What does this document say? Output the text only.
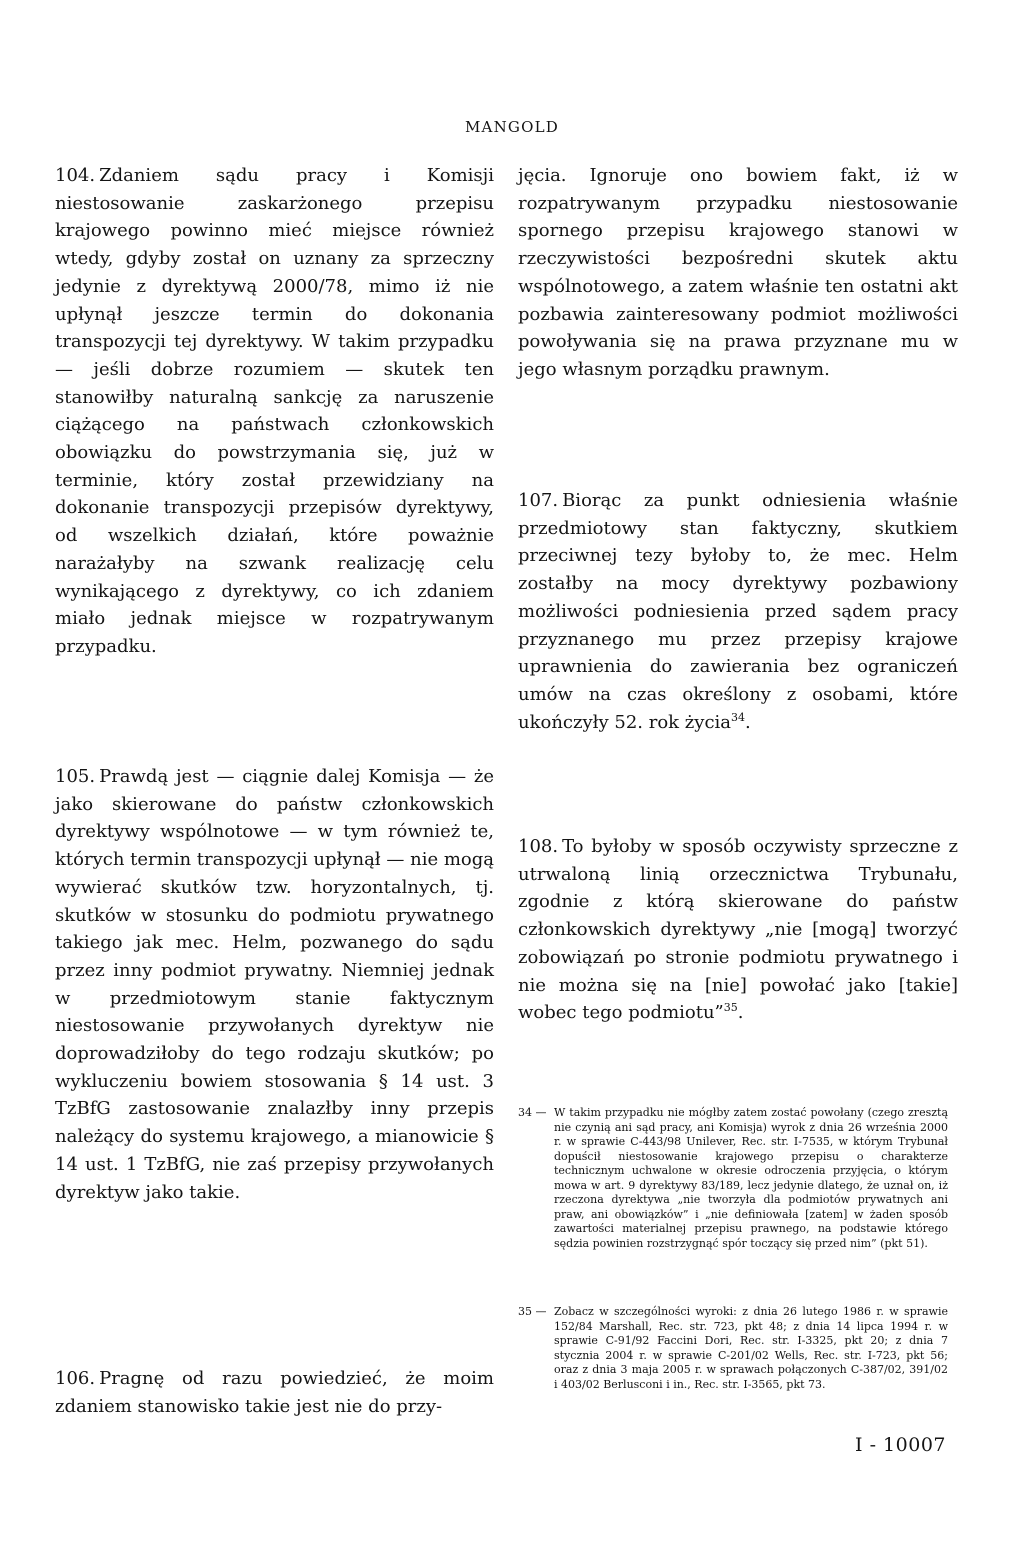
MANGOLD

104. Zdaniem sądu pracy i Komisji niestosowanie zaskarżonego przepisu krajowego powinno mieć miejsce również wtedy, gdyby został on uznany za sprzeczny jedynie z dyrektywą 2000/78, mimo iż nie upłynął jeszcze termin do dokonania transpozycji tej dyrektywy. W takim przypadku — jeśli dobrze rozumiem — skutek ten stanowiłby naturalną sankcję za naruszenie ciążącego na państwach członkowskich obowiązku do powstrzymania się, już w terminie, który został przewidziany na dokonanie transpozycji przepisów dyrektywy, od wszelkich działań, które poważnie narażałyby na szwank realizację celu wynikającego z dyrektywy, co ich zdaniem miało jednak miejsce w rozpatrywanym przypadku.

105. Prawdą jest — ciągnie dalej Komisja — że jako skierowane do państw członkowskich dyrektywy wspólnotowe — w tym również te, których termin transpozycji upłynął — nie mogą wywierać skutków tzw. horyzontalnych, tj. skutków w stosunku do podmiotu prywatnego takiego jak mec. Helm, pozwanego do sądu przez inny podmiot prywatny. Niemniej jednak w przedmiotowym stanie faktycznym niestosowanie przywołanych dyrektyw nie doprowadziłoby do tego rodzaju skutków; po wykluczeniu bowiem stosowania § 14 ust. 3 TzBfG zastosowanie znalazłby inny przepis należący do systemu krajowego, a mianowicie § 14 ust. 1 TzBfG, nie zaś przepisy przywołanych dyrektyw jako takie.

106. Pragnę od razu powiedzieć, że moim zdaniem stanowisko takie jest nie do przy-

jęcia. Ignoruje ono bowiem fakt, iż w rozpatrywanym przypadku niestosowanie spornego przepisu krajowego stanowi w rzeczywistości bezpośredni skutek aktu wspólnotowego, a zatem właśnie ten ostatni akt pozbawia zainteresowany podmiot możliwości powoływania się na prawa przyznane mu w jego własnym porządku prawnym.

107. Biorąc za punkt odniesienia właśnie przedmiotowy stan faktyczny, skutkiem przeciwnej tezy byłoby to, że mec. Helm zostałby na mocy dyrektywy pozbawiony możliwości podniesienia przed sądem pracy przyznanego mu przez przepisy krajowe uprawnienia do zawierania bez ograniczeń umów na czas określony z osobami, które ukończyły 52. rok życia$^{34}$.

108. To byłoby w sposób oczywisty sprzeczne z utrwaloną linią orzecznictwa Trybunału, zgodnie z którą skierowane do państw członkowskich dyrektywy „nie [mogą] tworzyć zobowiązań po stronie podmiotu prywatnego i nie można się na [nie] powołać jako [takie] wobec tego podmiotu”$^{35}$.

34 — W takim przypadku nie mógłby zatem zostać powołany (czego zresztą nie czynią ani sąd pracy, ani Komisja) wyrok z dnia 26 września 2000 r. w sprawie C-443/98 Unilever, Rec. str. I-7535, w którym Trybunał dopuścił niestosowanie krajowego przepisu o charakterze technicznym uchwalone w okresie odroczenia przyjęcia, o którym mowa w art. 9 dyrektywy 83/189, lecz jedynie dlatego, że uznał on, iż rzeczona dyrektywa „nie tworzyła dla podmiotów prywatnych ani praw, ani obowiązków” i „nie definiowała [zatem] w żaden sposób zawartości materialnej przepisu prawnego, na podstawie którego sędzia powinien rozstrzygnąć spór toczący się przed nim” (pkt 51).
35 — Zobacz w szczególności wyroki: z dnia 26 lutego 1986 r. w sprawie 152/84 Marshall, Rec. str. 723, pkt 48; z dnia 14 lipca 1994 r. w sprawie C-91/92 Faccini Dori, Rec. str. I-3325, pkt 20; z dnia 7 stycznia 2004 r. w sprawie C-201/02 Wells, Rec. str. I-723, pkt 56; oraz z dnia 3 maja 2005 r. w sprawach połączonych C-387/02, 391/02 i 403/02 Berlusconi i in., Rec. str. I-3565, pkt 73.
I - 10007
